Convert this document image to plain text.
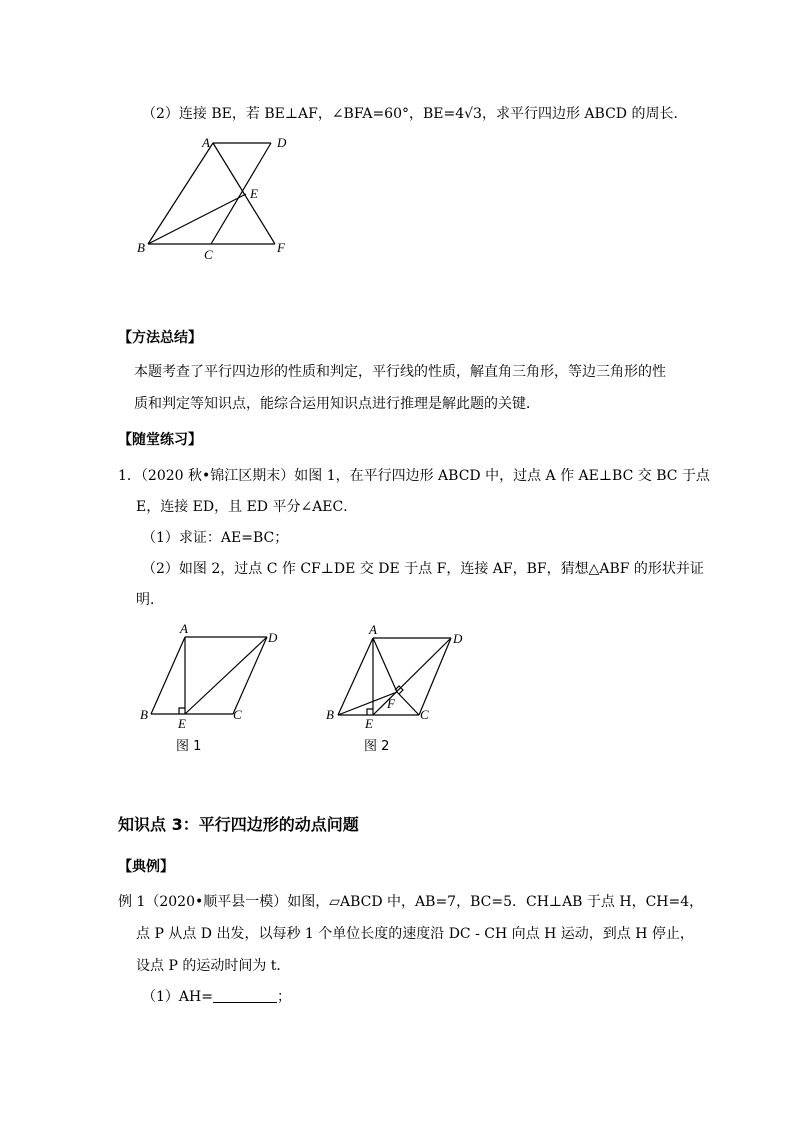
（2）连接 BE，若 BE⊥AF，∠BFA=60°，BE=4√3，求平行四边形 ABCD 的周长．
A	D
E
B	C	F
【方法总结】
本题考查了平行四边形的性质和判定，平行线的性质，解直角三角形，等边三角形的性
质和判定等知识点，能综合运用知识点进行推理是解此题的关键．
【随堂练习】
1．（2020 秋•锦江区期末）如图 1，在平行四边形 ABCD 中，过点 A 作 AE⊥BC 交 BC 于点
E，连接 ED，且 ED 平分∠AEC．
（1）求证：AE=BC；
（2）如图 2，过点 C 作 CF⊥DE 交 DE 于点 F，连接 AF，BF，猜想△ABF 的形状并证
明．
A
D
B
E
C
图 1
A
D
B
E
F
C
图 2
知识点 3：平行四边形的动点问题
【典例】
例 1（2020•顺平县一模）如图，▱ABCD 中，AB=7，BC=5．CH⊥AB 于点 H，CH=4，
点 P 从点 D 出发，以每秒 1 个单位长度的速度沿 DC - CH 向点 H 运动，到点 H 停止，
设点 P 的运动时间为 t．
（1）AH=	；
